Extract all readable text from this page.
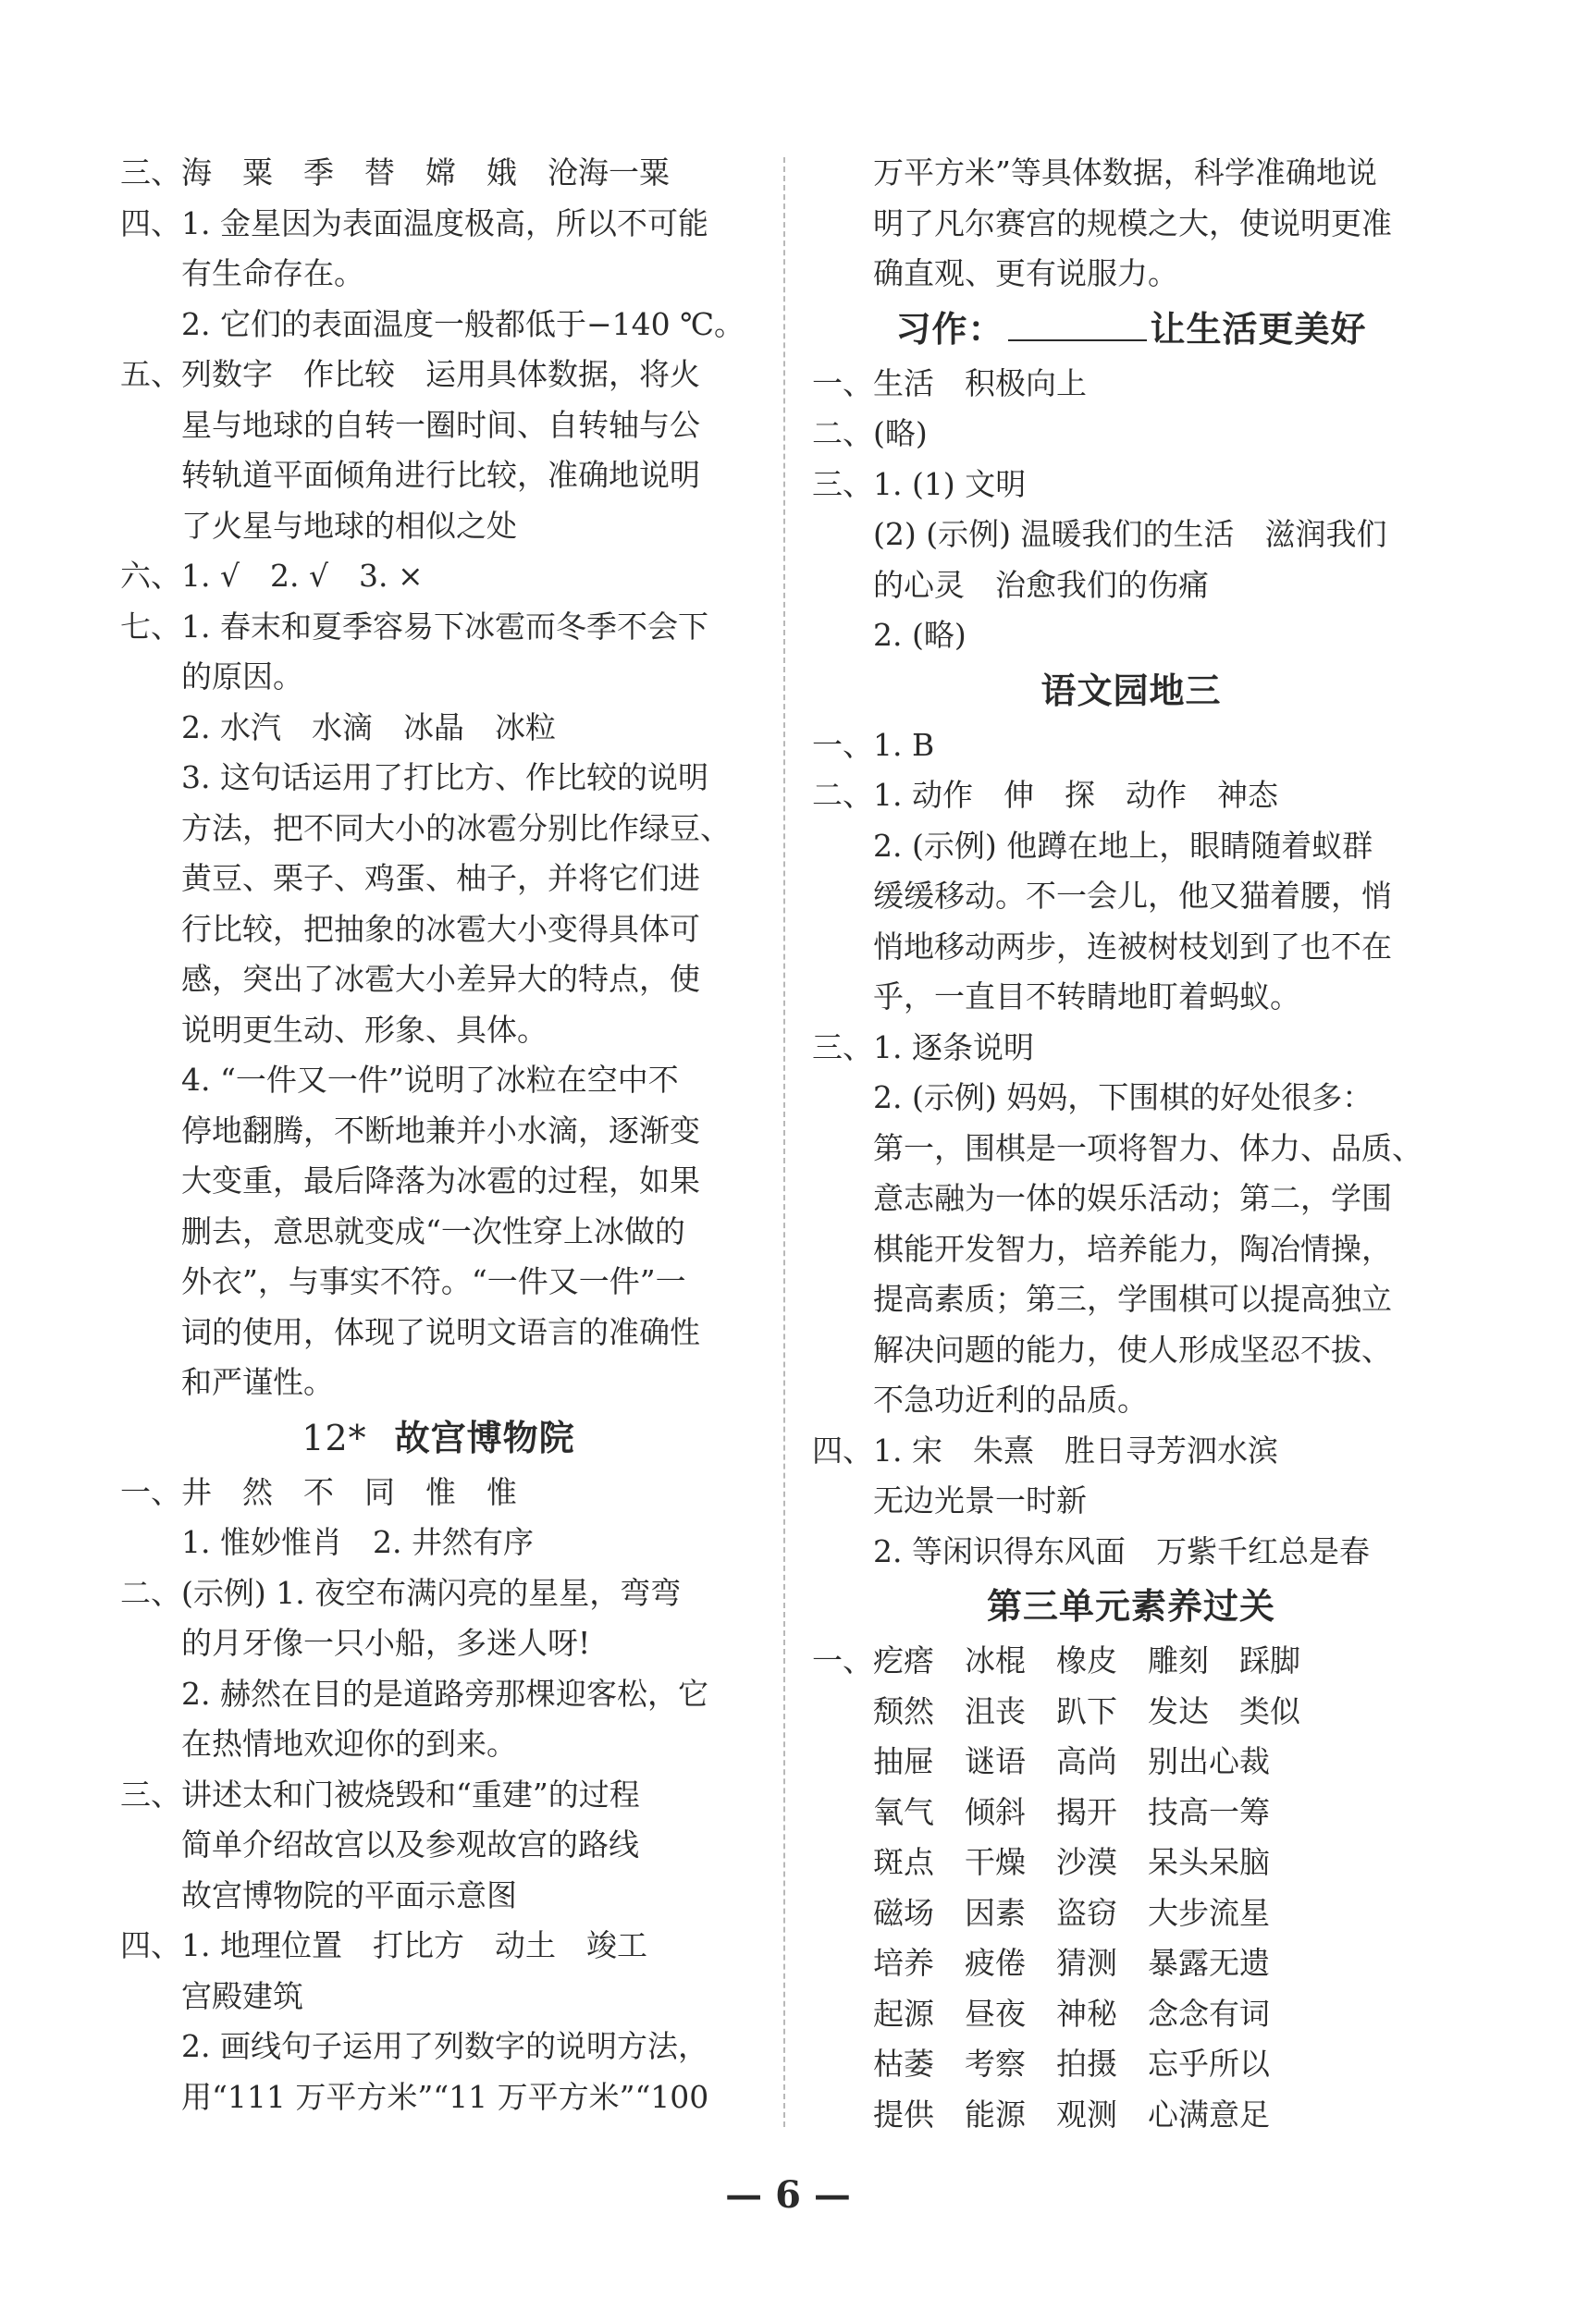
三、海　粟　季　替　嫦　娥　沧海一粟
四、1. 金星因为表面温度极高，所以不可能
有生命存在。
2. 它们的表面温度一般都低于−140 ℃。
五、列数字　作比较　运用具体数据，将火
星与地球的自转一圈时间、自转轴与公
转轨道平面倾角进行比较，准确地说明
了火星与地球的相似之处
六、1. √　2. √　3. ×
七、1. 春末和夏季容易下冰雹而冬季不会下
的原因。
2. 水汽　水滴　冰晶　冰粒
3. 这句话运用了打比方、作比较的说明
方法，把不同大小的冰雹分别比作绿豆、
黄豆、栗子、鸡蛋、柚子，并将它们进
行比较，把抽象的冰雹大小变得具体可
感，突出了冰雹大小差异大的特点，使
说明更生动、形象、具体。
4. “一件又一件”说明了冰粒在空中不
停地翻腾，不断地兼并小水滴，逐渐变
大变重，最后降落为冰雹的过程，如果
删去，意思就变成“一次性穿上冰做的
外衣”，与事实不符。“一件又一件”一
词的使用，体现了说明文语言的准确性
和严谨性。
12* 故宫博物院
一、井　然　不　同　惟　惟
1. 惟妙惟肖　2. 井然有序
二、(示例) 1. 夜空布满闪亮的星星，弯弯
的月牙像一只小船，多迷人呀!
2. 赫然在目的是道路旁那棵迎客松，它
在热情地欢迎你的到来。
三、讲述太和门被烧毁和“重建”的过程
简单介绍故宫以及参观故宫的路线
故宫博物院的平面示意图
四、1. 地理位置　打比方　动土　竣工
宫殿建筑
2. 画线句子运用了列数字的说明方法，
用“111 万平方米”“11 万平方米”“100
万平方米”等具体数据，科学准确地说
明了凡尔赛宫的规模之大，使说明更准
确直观、更有说服力。
习作：	让生活更美好
一、生活　积极向上
二、(略)
三、1. (1) 文明
(2) (示例) 温暖我们的生活　滋润我们
的心灵　治愈我们的伤痛
2. (略)
语文园地三
一、1. B
二、1. 动作　伸　探　动作　神态
2. (示例) 他蹲在地上，眼睛随着蚁群
缓缓移动。不一会儿，他又猫着腰，悄
悄地移动两步，连被树枝划到了也不在
乎，一直目不转睛地盯着蚂蚁。
三、1. 逐条说明
2. (示例) 妈妈，下围棋的好处很多：
第一，围棋是一项将智力、体力、品质、
意志融为一体的娱乐活动；第二，学围
棋能开发智力，培养能力，陶冶情操，
提高素质；第三，学围棋可以提高独立
解决问题的能力，使人形成坚忍不拔、
不急功近利的品质。
四、1. 宋　朱熹　胜日寻芳泗水滨
无边光景一时新
2. 等闲识得东风面　万紫千红总是春
第三单元素养过关
一、疙瘩　冰棍　橡皮　雕刻　踩脚
颓然　沮丧　趴下　发达　类似
抽屉　谜语　高尚　别出心裁
氧气　倾斜　揭开　技高一筹
斑点　干燥　沙漠　呆头呆脑
磁场　因素　盗窃　大步流星
培养　疲倦　猜测　暴露无遗
起源　昼夜　神秘　念念有词
枯萎　考察　拍摄　忘乎所以
提供　能源　观测　心满意足
— 6 —
